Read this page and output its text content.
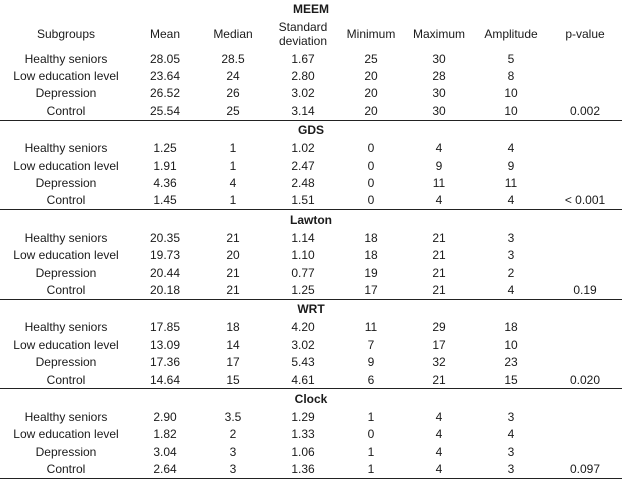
MEEM
Subgroups	Mean	Median	Standard deviation	Minimum	Maximum	Amplitude	p-value
Healthy seniors	28.05	28.5	1.67	25	30	5
Low education level	23.64	24	2.80	20	28	8
Depression	26.52	26	3.02	20	30	10
Control	25.54	25	3.14	20	30	10	0.002
GDS
Healthy seniors	1.25	1	1.02	0	4	4
Low education level	1.91	1	2.47	0	9	9
Depression	4.36	4	2.48	0	11	11
Control	1.45	1	1.51	0	4	4	< 0.001
Lawton
Healthy seniors	20.35	21	1.14	18	21	3
Low education level	19.73	20	1.10	18	21	3
Depression	20.44	21	0.77	19	21	2
Control	20.18	21	1.25	17	21	4	0.19
WRT
Healthy seniors	17.85	18	4.20	11	29	18
Low education level	13.09	14	3.02	7	17	10
Depression	17.36	17	5.43	9	32	23
Control	14.64	15	4.61	6	21	15	0.020
Clock
Healthy seniors	2.90	3.5	1.29	1	4	3
Low education level	1.82	2	1.33	0	4	4
Depression	3.04	3	1.06	1	4	3
Control	2.64	3	1.36	1	4	3	0.097
